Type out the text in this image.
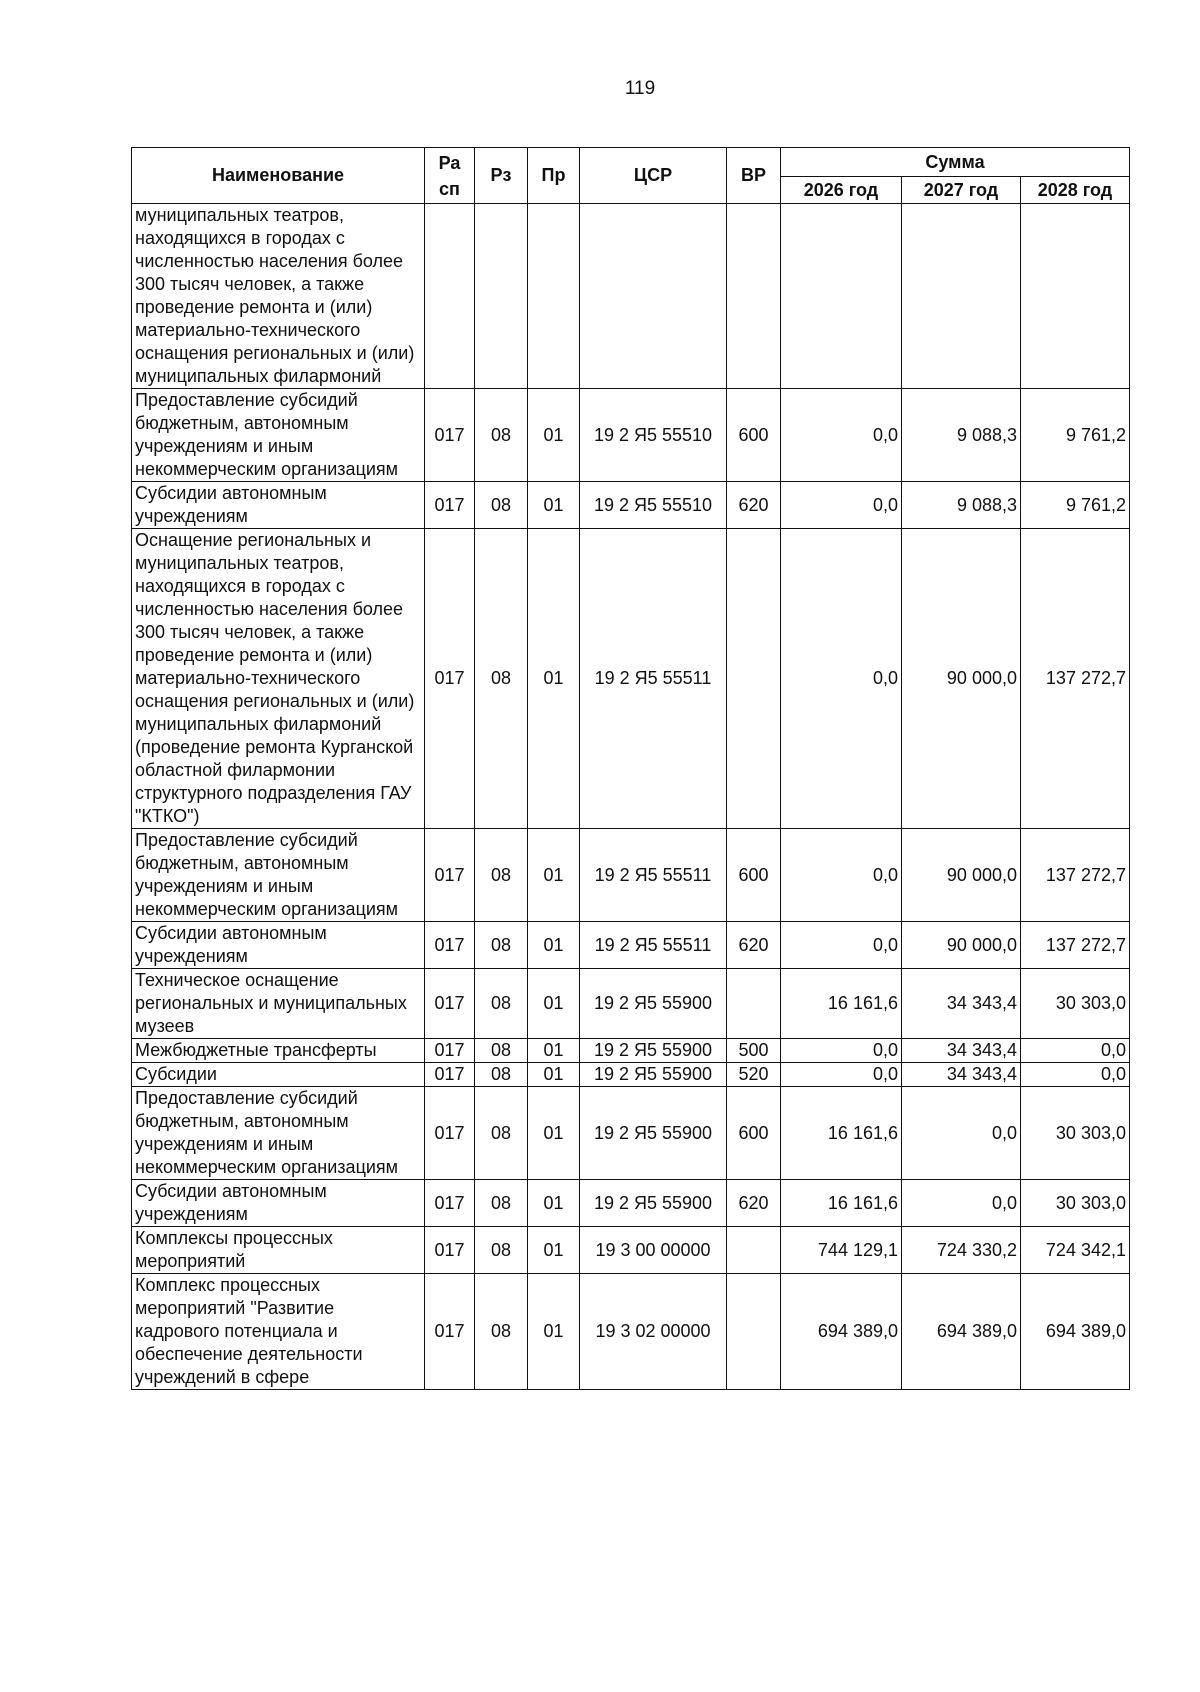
119
Наименование	Ра сп	Рз	Пр	ЦСР	ВР	Сумма		
						2026 год	2027 год	2028 год
муниципальных театров, находящихся в городах с численностью населения более 300 тысяч человек, а также проведение ремонта и (или) материально-технического оснащения региональных и (или) муниципальных филармоний								
Предоставление субсидий бюджетным, автономным учреждениям и иным некоммерческим организациям	017	08	01	19 2 Я5 55510	600	0,0	9 088,3	9 761,2
Субсидии автономным учреждениям	017	08	01	19 2 Я5 55510	620	0,0	9 088,3	9 761,2
Оснащение региональных и муниципальных театров, находящихся в городах с численностью населения более 300 тысяч человек, а также проведение ремонта и (или) материально-технического оснащения региональных и (или) муниципальных филармоний (проведение ремонта Курганской областной филармонии структурного подразделения ГАУ "КТКО")	017	08	01	19 2 Я5 55511		0,0	90 000,0	137 272,7
Предоставление субсидий бюджетным, автономным учреждениям и иным некоммерческим организациям	017	08	01	19 2 Я5 55511	600	0,0	90 000,0	137 272,7
Субсидии автономным учреждениям	017	08	01	19 2 Я5 55511	620	0,0	90 000,0	137 272,7
Техническое оснащение региональных и муниципальных музеев	017	08	01	19 2 Я5 55900		16 161,6	34 343,4	30 303,0
Межбюджетные трансферты	017	08	01	19 2 Я5 55900	500	0,0	34 343,4	0,0
Субсидии	017	08	01	19 2 Я5 55900	520	0,0	34 343,4	0,0
Предоставление субсидий бюджетным, автономным учреждениям и иным некоммерческим организациям	017	08	01	19 2 Я5 55900	600	16 161,6	0,0	30 303,0
Субсидии автономным учреждениям	017	08	01	19 2 Я5 55900	620	16 161,6	0,0	30 303,0
Комплексы процессных мероприятий	017	08	01	19 3 00 00000		744 129,1	724 330,2	724 342,1
Комплекс процессных мероприятий "Развитие кадрового потенциала и обеспечение деятельности учреждений в сфере	017	08	01	19 3 02 00000		694 389,0	694 389,0	694 389,0
